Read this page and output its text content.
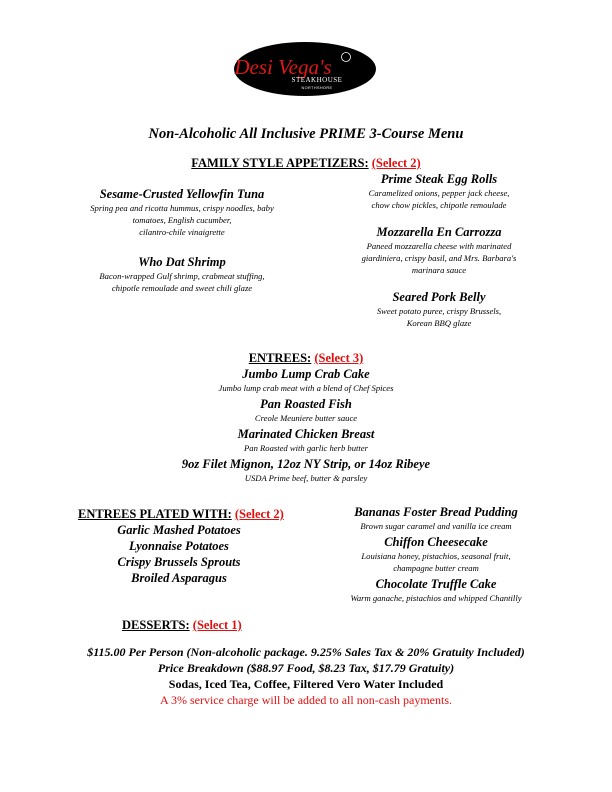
Desi Vega's
STEAKHOUSE
NORTHSHORE
Non-Alcoholic All Inclusive PRIME 3-Course Menu
FAMILY STYLE APPETIZERS: (Select 2)
Sesame-Crusted Yellowfin Tuna
Spring pea and ricotta hummus, crispy noodles, baby
tomatoes, English cucumber,
cilantro-chile vinaigrette
Who Dat Shrimp
Bacon-wrapped Gulf shrimp, crabmeat stuffing,
chipotle remoulade and sweet chili glaze
Prime Steak Egg Rolls
Caramelized onions, pepper jack cheese,
chow chow pickles, chipotle remoulade
Mozzarella En Carrozza
Paneed mozzarella cheese with marinated
giardiniera, crispy basil, and Mrs. Barbara's
marinara sauce
Seared Pork Belly
Sweet potato puree, crispy Brussels,
Korean BBQ glaze
ENTREES: (Select 3)
Jumbo Lump Crab Cake
Jumbo lump crab meat with a blend of Chef Spices
Pan Roasted Fish
Creole Meuniere butter sauce
Marinated Chicken Breast
Pan Roasted with garlic herb butter
9oz Filet Mignon, 12oz NY Strip, or 14oz Ribeye
USDA Prime beef, butter & parsley
ENTREES PLATED WITH: (Select 2)
Garlic Mashed Potatoes
Lyonnaise Potatoes
Crispy Brussels Sprouts
Broiled Asparagus
Bananas Foster Bread Pudding
Brown sugar caramel and vanilla ice cream
Chiffon Cheesecake
Louisiana honey, pistachios, seasonal fruit,
champagne butter cream
Chocolate Truffle Cake
Warm ganache, pistachios and whipped Chantilly
DESSERTS: (Select 1)
$115.00 Per Person (Non-alcoholic package. 9.25% Sales Tax & 20% Gratuity Included)
Price Breakdown ($88.97 Food, $8.23 Tax, $17.79 Gratuity)
Sodas, Iced Tea, Coffee, Filtered Vero Water Included
A 3% service charge will be added to all non-cash payments.
